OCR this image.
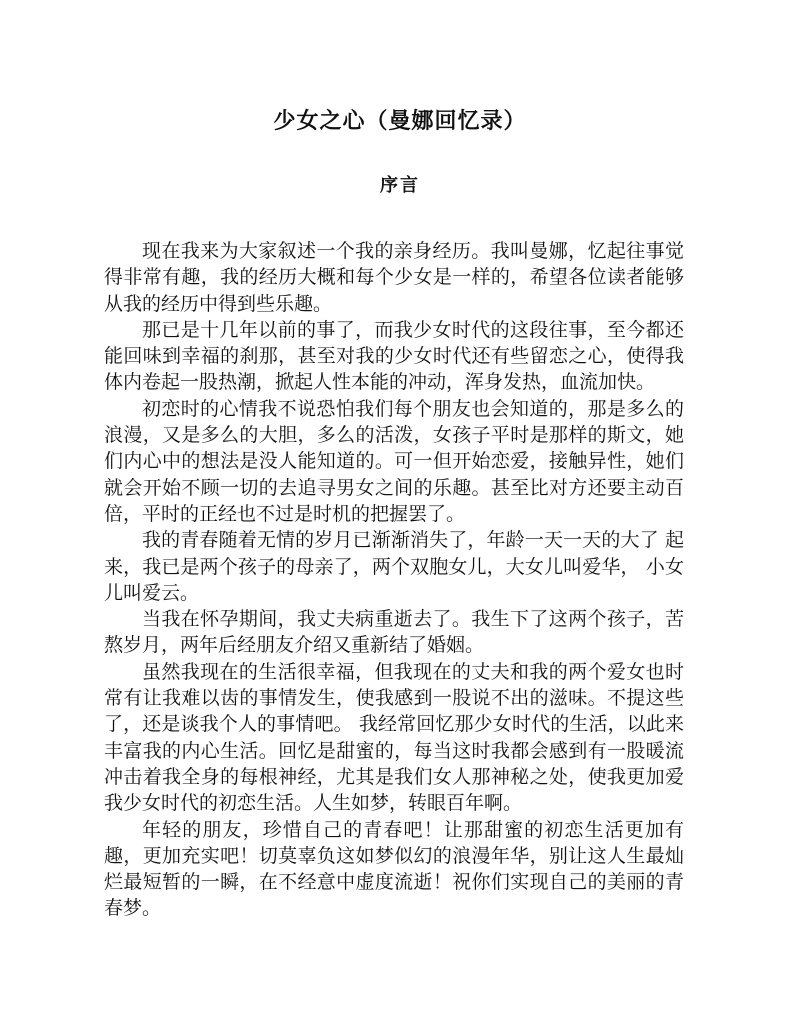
少女之心（曼娜回忆录）
序言

现在我来为大家叙述一个我的亲身经历。我叫曼娜，忆起往事觉得非常有趣，我的经历大概和每个少女是一样的，希望各位读者能够从我的经历中得到些乐趣。

那已是十几年以前的事了，而我少女时代的这段往事，至今都还能回味到幸福的刹那，甚至对我的少女时代还有些留恋之心，使得我体内卷起一股热潮，掀起人性本能的冲动，浑身发热，血流加快。

初恋时的心情我不说恐怕我们每个朋友也会知道的，那是多么的浪漫，又是多么的大胆，多么的活泼，女孩子平时是那样的斯文，她们内心中的想法是没人能知道的。可一但开始恋爱，接触异性，她们就会开始不顾一切的去追寻男女之间的乐趣。甚至比对方还要主动百倍，平时的正经也不过是时机的把握罢了。

我的青春随着无情的岁月已渐渐消失了，年龄一天一天的大了 起来，我已是两个孩子的母亲了，两个双胞女儿，大女儿叫爱华， 小女儿叫爱云。

当我在怀孕期间，我丈夫病重逝去了。我生下了这两个孩子，苦熬岁月，两年后经朋友介绍又重新结了婚姻。

虽然我现在的生活很幸福，但我现在的丈夫和我的两个爱女也时常有让我难以齿的事情发生，使我感到一股说不出的滋味。不提这些了，还是谈我个人的事情吧。 我经常回忆那少女时代的生活，以此来丰富我的内心生活。回忆是甜蜜的，每当这时我都会感到有一股暖流冲击着我全身的每根神经，尤其是我们女人那神秘之处，使我更加爱我少女时代的初恋生活。人生如梦，转眼百年啊。

年轻的朋友，珍惜自己的青春吧！让那甜蜜的初恋生活更加有趣，更加充实吧！切莫辜负这如梦似幻的浪漫年华，别让这人生最灿烂最短暂的一瞬，在不经意中虚度流逝！祝你们实现自己的美丽的青春梦。
